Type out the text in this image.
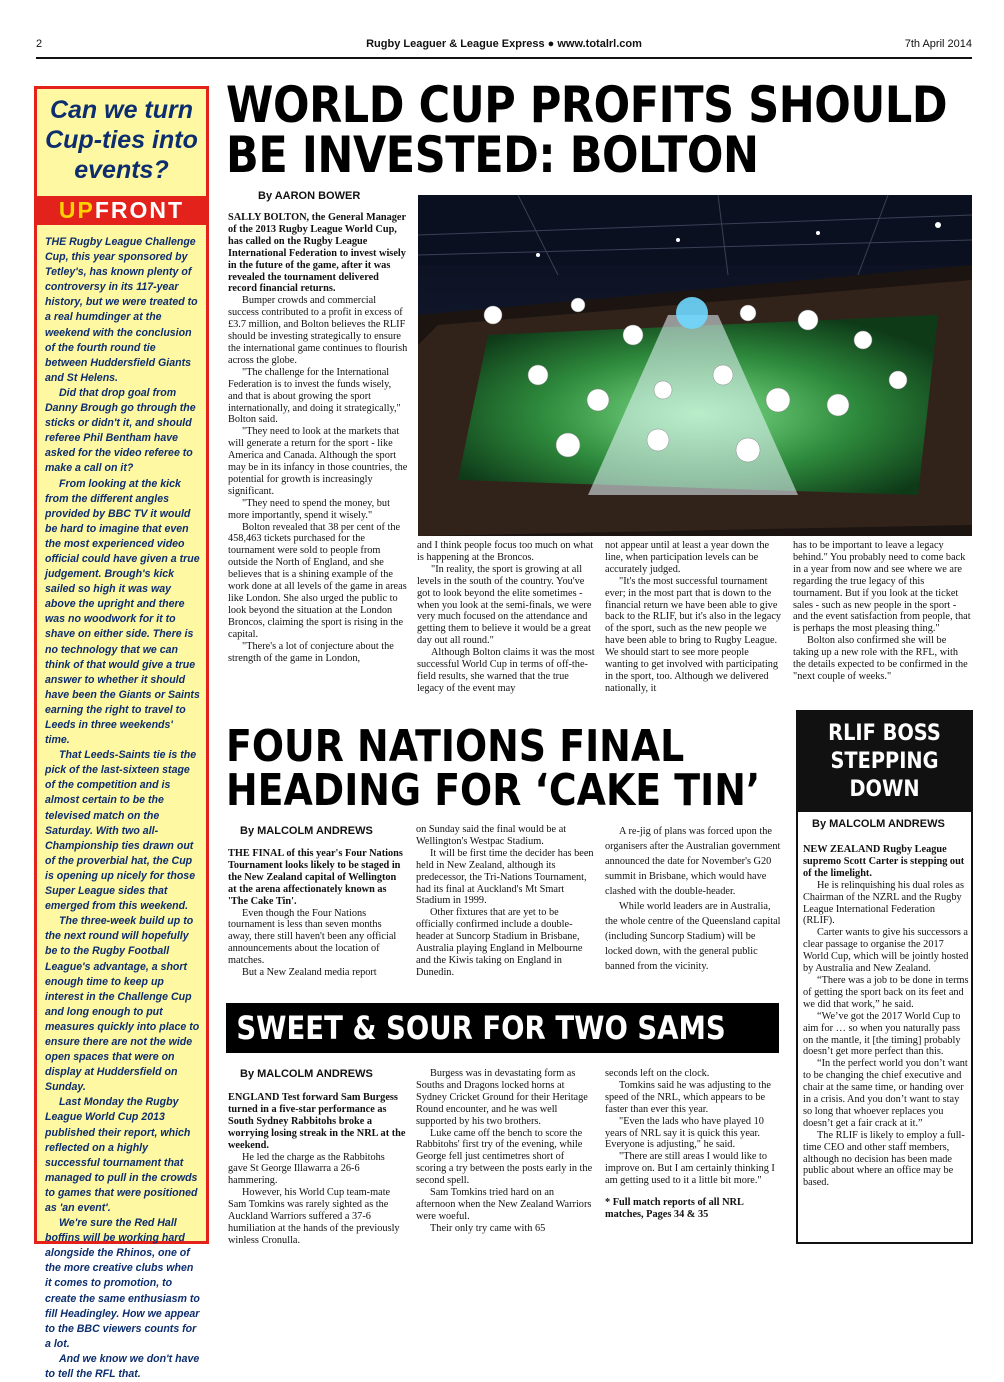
2	Rugby Leaguer & League Express ● www.totalrl.com	7th April 2014
Can we turn Cup-ties into events?
UPFRONT

THE Rugby League Challenge Cup, this year sponsored by Tetley's, has known plenty of controversy in its 117-year history, but we were treated to a real humdinger at the weekend with the conclusion of the fourth round tie between Huddersfield Giants and St Helens.

Did that drop goal from Danny Brough go through the sticks or didn't it, and should referee Phil Bentham have asked for the video referee to make a call on it?

From looking at the kick from the different angles provided by BBC TV it would be hard to imagine that even the most experienced video official could have given a true judgement. Brough's kick sailed so high it was way above the upright and there was no woodwork for it to shave on either side. There is no technology that we can think of that would give a true answer to whether it should have been the Giants or Saints earning the right to travel to Leeds in three weekends' time.

That Leeds-Saints tie is the pick of the last-sixteen stage of the competition and is almost certain to be the televised match on the Saturday. With two all-Championship ties drawn out of the proverbial hat, the Cup is opening up nicely for those Super League sides that emerged from this weekend.

The three-week build up to the next round will hopefully be to the Rugby Football League's advantage, a short enough time to keep up interest in the Challenge Cup and long enough to put measures quickly into place to ensure there are not the wide open spaces that were on display at Huddersfield on Sunday.

Last Monday the Rugby League World Cup 2013 published their report, which reflected on a highly successful tournament that managed to pull in the crowds to games that were positioned as 'an event'.

We're sure the Red Hall boffins will be working hard alongside the Rhinos, one of the more creative clubs when it comes to promotion, to create the same enthusiasm to fill Headingley. How we appear to the BBC viewers counts for a lot.

And we know we don't have to tell the RFL that.

WORLD CUP PROFITS SHOULD
BE INVESTED: BOLTON
By AARON BOWER

SALLY BOLTON, the General Manager of the 2013 Rugby League World Cup, has called on the Rugby League International Federation to invest wisely in the future of the game, after it was revealed the tournament delivered record financial returns.

Bumper crowds and commercial success contributed to a profit in excess of £3.7 million, and Bolton believes the RLIF should be investing strategically to ensure the international game continues to flourish across the globe.

"The challenge for the International Federation is to invest the funds wisely, and that is about growing the sport internationally, and doing it strategically," Bolton said.

"They need to look at the markets that will generate a return for the sport - like America and Canada. Although the sport may be in its infancy in those countries, the potential for growth is increasingly significant.

"They need to spend the money, but more importantly, spend it wisely."

Bolton revealed that 38 per cent of the 458,463 tickets purchased for the tournament were sold to people from outside the North of England, and she believes that is a shining example of the work done at all levels of the game in areas like London. She also urged the public to look beyond the situation at the London Broncos, claiming the sport is rising in the capital.

"There's a lot of conjecture about the strength of the game in London,

and I think people focus too much on what is happening at the Broncos.

"In reality, the sport is growing at all levels in the south of the country. You've got to look beyond the elite sometimes - when you look at the semi-finals, we were very much focused on the attendance and getting them to believe it would be a great day out all round."

Although Bolton claims it was the most successful World Cup in terms of off-the-field results, she warned that the true legacy of the event may

not appear until at least a year down the line, when participation levels can be accurately judged.

"It's the most successful tournament ever; in the most part that is down to the financial return we have been able to give back to the RLIF, but it's also in the legacy of the sport, such as the new people we have been able to bring to Rugby League. We should start to see more people wanting to get involved with participating in the sport, too. Although we delivered nationally, it

has to be important to leave a legacy behind." You probably need to come back in a year from now and see where we are regarding the true legacy of this tournament. But if you look at the ticket sales - such as new people in the sport - and the event satisfaction from people, that is perhaps the most pleasing thing."

Bolton also confirmed she will be taking up a new role with the RFL, with the details expected to be confirmed in the "next couple of weeks."

FOUR NATIONS FINAL
HEADING FOR ‘CAKE TIN’
By MALCOLM ANDREWS

THE FINAL of this year's Four Nations Tournament looks likely to be staged in the New Zealand capital of Wellington at the arena affectionately known as 'The Cake Tin'.

Even though the Four Nations tournament is less than seven months away, there still haven't been any official announcements about the location of matches.

But a New Zealand media report

on Sunday said the final would be at Wellington's Westpac Stadium.

It will be first time the decider has been held in New Zealand, although its predecessor, the Tri-Nations Tournament, had its final at Auckland's Mt Smart Stadium in 1999.

Other fixtures that are yet to be officially confirmed include a double-header at Suncorp Stadium in Brisbane, Australia playing England in Melbourne and the Kiwis taking on England in Dunedin.

A re-jig of plans was forced upon the organisers after the Australian government announced the date for November's G20 summit in Brisbane, which would have clashed with the double-header.

While world leaders are in Australia, the whole centre of the Queensland capital (including Suncorp Stadium) will be locked down, with the general public banned from the vicinity.

SWEET & SOUR FOR TWO SAMS
By MALCOLM ANDREWS

ENGLAND Test forward Sam Burgess turned in a five-star performance as South Sydney Rabbitohs broke a worrying losing streak in the NRL at the weekend.

He led the charge as the Rabbitohs gave St George Illawarra a 26-6 hammering.

However, his World Cup team-mate Sam Tomkins was rarely sighted as the Auckland Warriors suffered a 37-6 humiliation at the hands of the previously winless Cronulla.

Burgess was in devastating form as Souths and Dragons locked horns at Sydney Cricket Ground for their Heritage Round encounter, and he was well supported by his two brothers.

Luke came off the bench to score the Rabbitohs' first try of the evening, while George fell just centimetres short of scoring a try between the posts early in the second spell.

Sam Tomkins tried hard on an afternoon when the New Zealand Warriors were woeful.

Their only try came with 65

seconds left on the clock.

Tomkins said he was adjusting to the speed of the NRL, which appears to be faster than ever this year.

"Even the lads who have played 10 years of NRL say it is quick this year. Everyone is adjusting," he said.

"There are still areas I would like to improve on. But I am certainly thinking I am getting used to it a little bit more."

* Full match reports of all NRL matches, Pages 34 & 35

RLIF BOSS
STEPPING
DOWN
By MALCOLM ANDREWS

NEW ZEALAND Rugby League supremo Scott Carter is stepping out of the limelight.

He is relinquishing his dual roles as Chairman of the NZRL and the Rugby League International Federation (RLIF).

Carter wants to give his successors a clear passage to organise the 2017 World Cup, which will be jointly hosted by Australia and New Zealand.

“There was a job to be done in terms of getting the sport back on its feet and we did that work,” he said.

“We’ve got the 2017 World Cup to aim for … so when you naturally pass on the mantle, it [the timing] probably doesn’t get more perfect than this.

“In the perfect world you don’t want to be changing the chief executive and chair at the same time, or handing over in a crisis. And you don’t want to stay so long that whoever replaces you doesn’t get a fair crack at it.”

The RLIF is likely to employ a full-time CEO and other staff members, although no decision has been made public about where an office may be based.
